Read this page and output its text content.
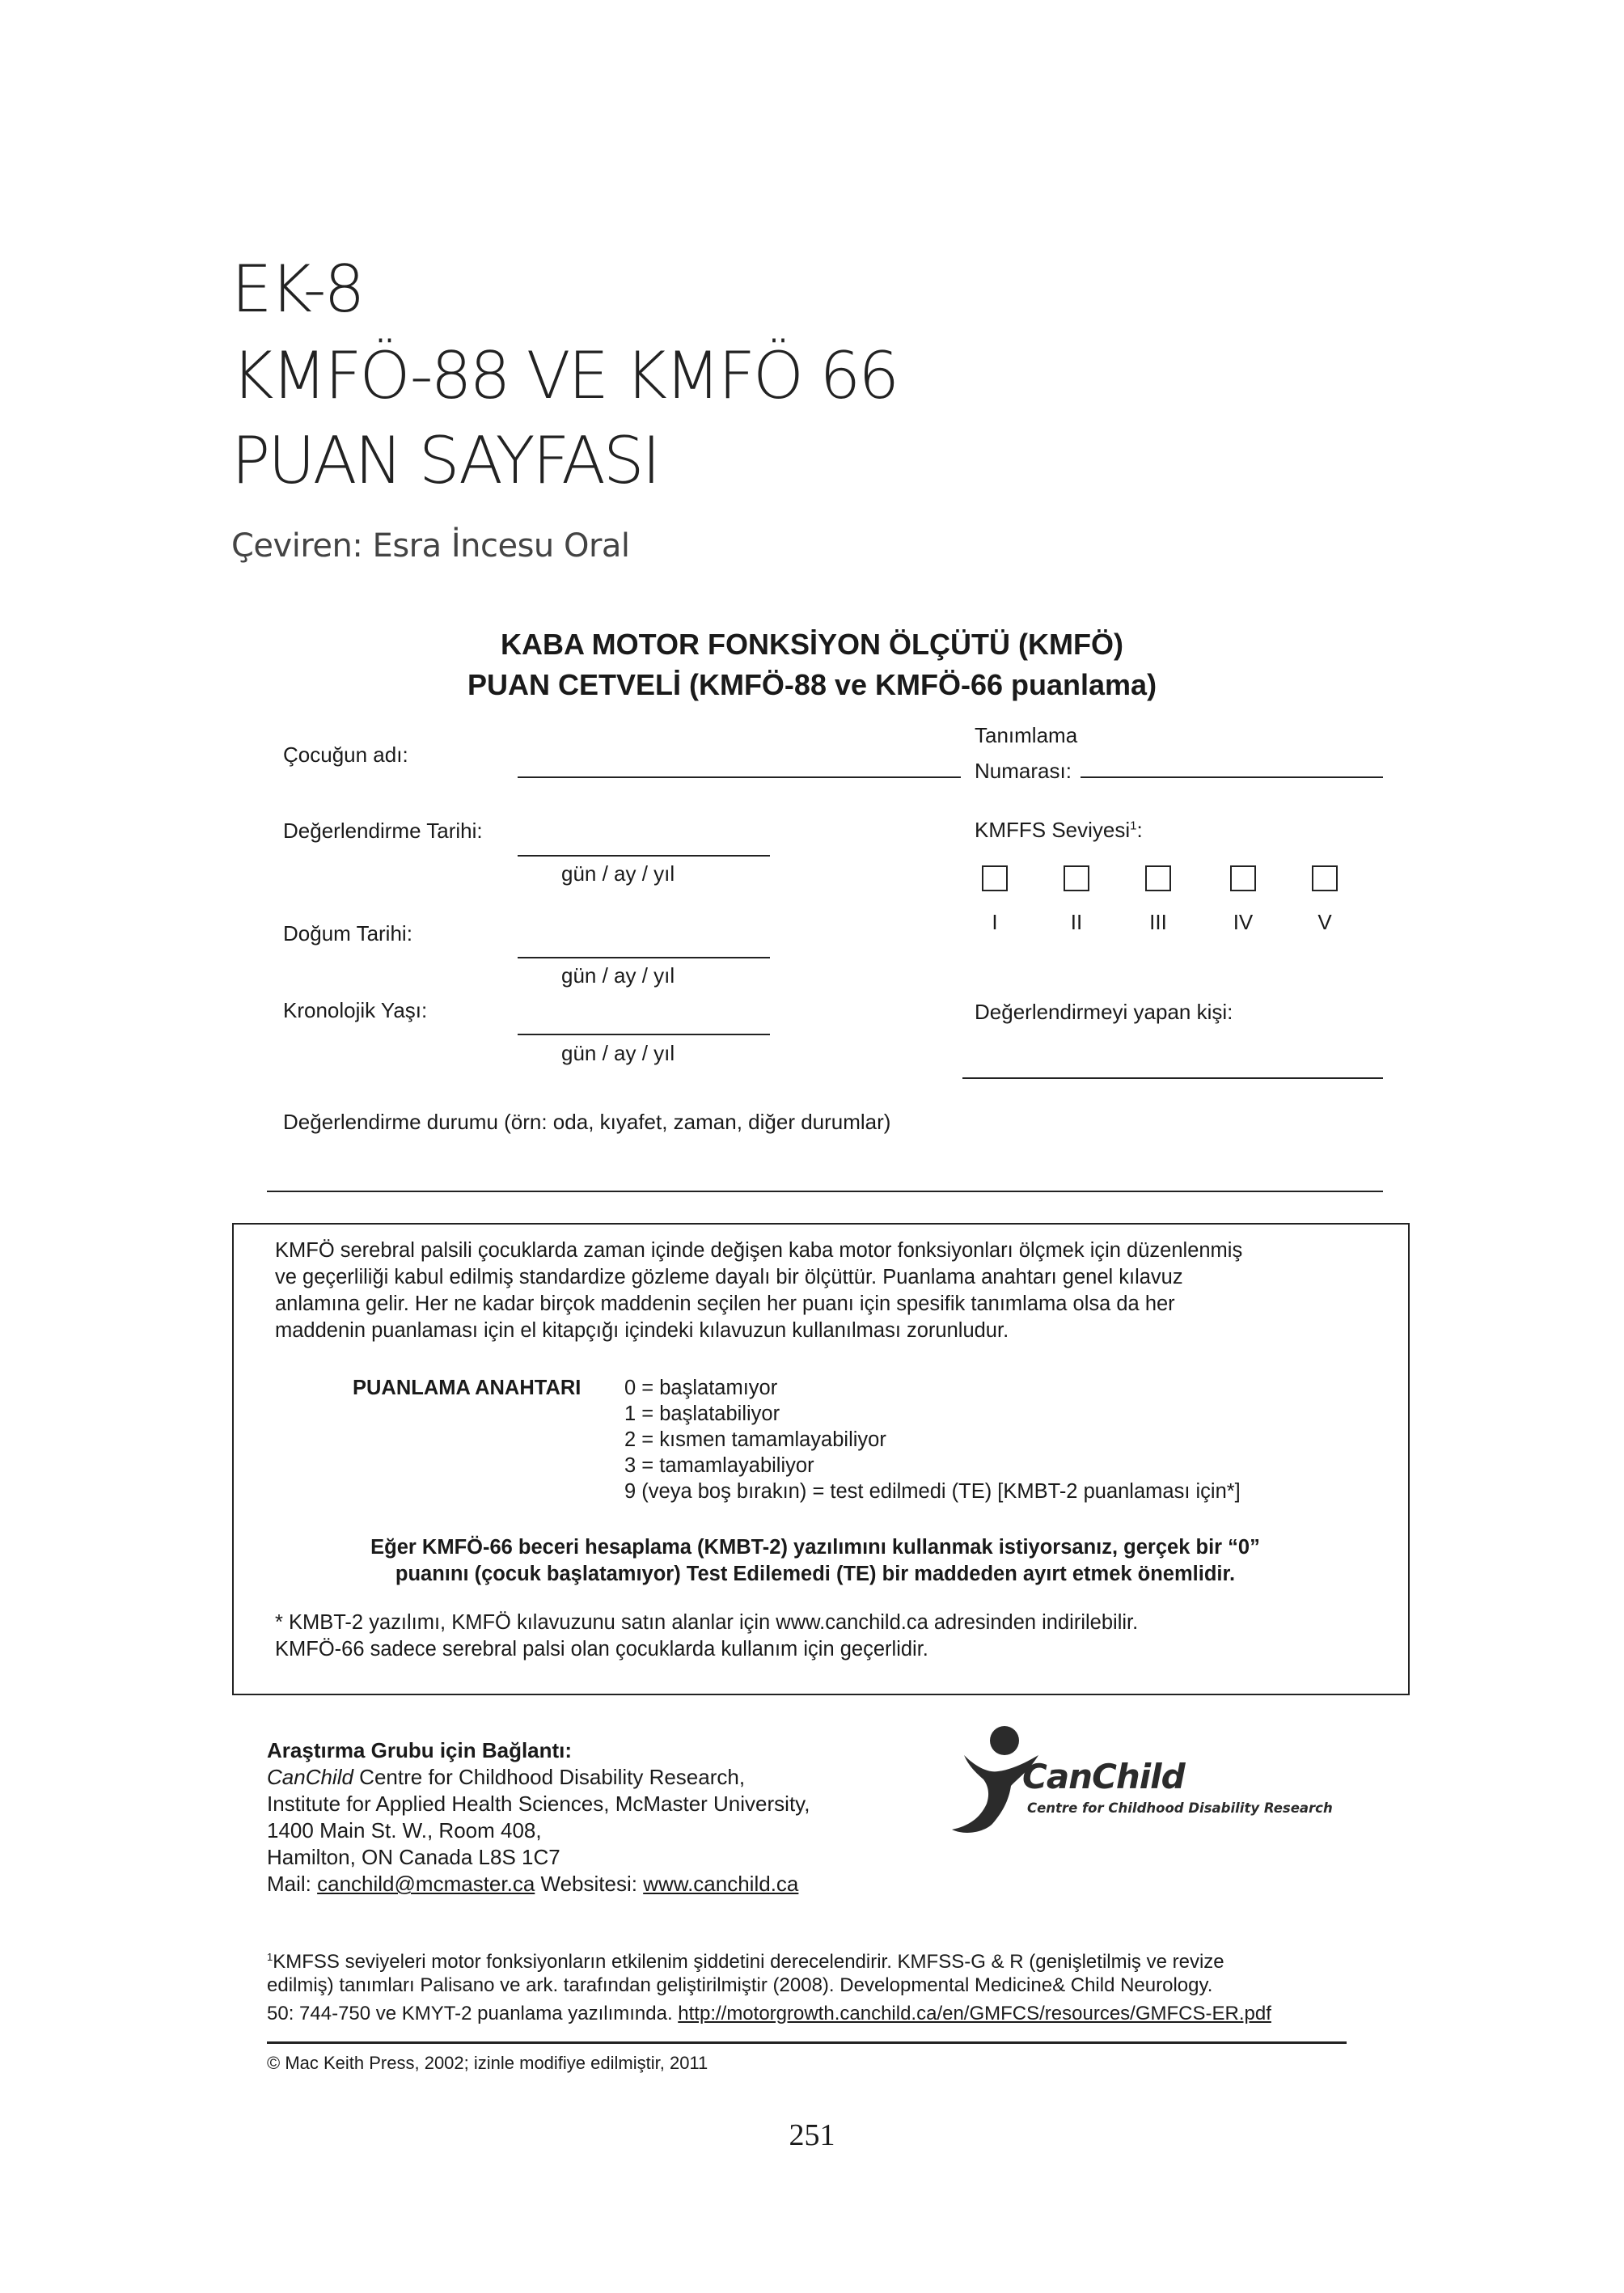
EK-8
KMFÖ-88 VE KMFÖ 66
PUAN SAYFASI
Çeviren: Esra İncesu Oral
KABA MOTOR FONKSİYON ÖLÇÜTÜ (KMFÖ)
PUAN CETVELİ (KMFÖ-88 ve KMFÖ-66 puanlama)
Çocuğun adı:
Değerlendirme Tarihi:
gün / ay / yıl
Doğum Tarihi:
gün / ay / yıl
Kronolojik Yaşı:
gün / ay / yıl
Tanımlama
Numarası:
KMFFS Seviyesi$^1$:
I	II	III	IV	V
Değerlendirmeyi yapan kişi:
Değerlendirme durumu (örn: oda, kıyafet, zaman, diğer durumlar)
KMFÖ serebral palsili çocuklarda zaman içinde değişen kaba motor fonksiyonları ölçmek için düzenlenmiş
ve geçerliliği kabul edilmiş standardize gözleme dayalı bir ölçüttür. Puanlama anahtarı genel kılavuz
anlamına gelir. Her ne kadar birçok maddenin seçilen her puanı için spesifik tanımlama olsa da her
maddenin puanlaması için el kitapçığı içindeki kılavuzun kullanılması zorunludur.
PUANLAMA ANAHTARI 0 = başlatamıyor
1 = başlatabiliyor
2 = kısmen tamamlayabiliyor
3 = tamamlayabiliyor
9 (veya boş bırakın) = test edilmedi (TE) [KMBT-2 puanlaması için*]
Eğer KMFÖ-66 beceri hesaplama (KMBT-2) yazılımını kullanmak istiyorsanız, gerçek bir “0”
puanını (çocuk başlatamıyor) Test Edilemedi (TE) bir maddeden ayırt etmek önemlidir.
* KMBT-2 yazılımı, KMFÖ kılavuzunu satın alanlar için www.canchild.ca adresinden indirilebilir.
KMFÖ-66 sadece serebral palsi olan çocuklarda kullanım için geçerlidir.
Araştırma Grubu için Bağlantı:
CanChild Centre for Childhood Disability Research,
Institute for Applied Health Sciences, McMaster University,
1400 Main St. W., Room 408,
Hamilton, ON Canada L8S 1C7
Mail: canchild@mcmaster.ca Websitesi: www.canchild.ca
CanChild
Centre for Childhood Disability Research
$^1$KMFSS seviyeleri motor fonksiyonların etkilenim şiddetini derecelendirir. KMFSS-G & R (genişletilmiş ve revize
edilmiş) tanımları Palisano ve ark. tarafından geliştirilmiştir (2008). Developmental Medicine& Child Neurology.
50: 744-750 ve KMYT-2 puanlama yazılımında. http://motorgrowth.canchild.ca/en/GMFCS/resources/GMFCS-ER.pdf
© Mac Keith Press, 2002; izinle modifiye edilmiştir, 2011
251
